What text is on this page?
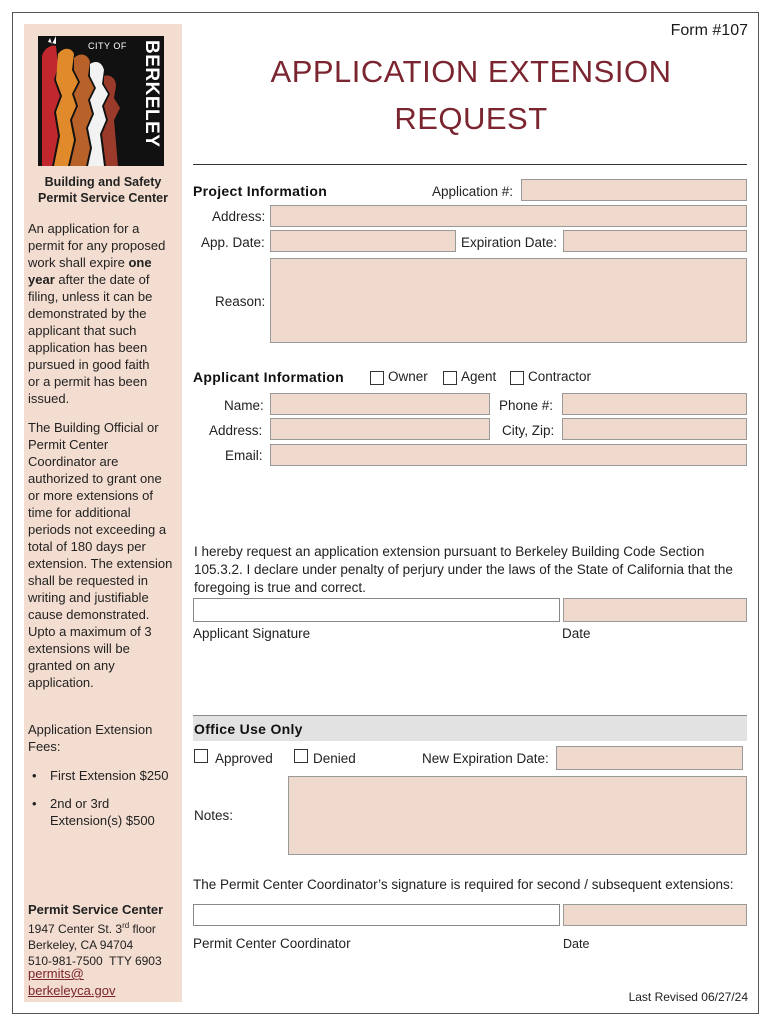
CITY OF BERKELEY
Building and Safety
Permit Service Center
An application for a
permit for any proposed
work shall expire one
year after the date of
filing, unless it can be
demonstrated by the
applicant that such
application has been
pursued in good faith
or a permit has been
issued.
The Building Official or Permit Center Coordinator are authorized to grant one or more extensions of time for additional periods not exceeding a total of 180 days per extension. The extension shall be requested in writing and justifiable cause demonstrated. Upto a maximum of 3 extensions will be granted on any application.
Application Extension Fees:
• First Extension $250
• 2nd or 3rd Extension(s) $500
Permit Service Center
1947 Center St. 3rd floor
Berkeley, CA 94704
510-981-7500  TTY 6903
permits@
berkeleyca.gov
Form #107
APPLICATION EXTENSION
REQUEST
Project Information	Application #:
Address:
App. Date:	Expiration Date:
Reason:
Applicant Information	Owner Agent Contractor
Name:	Phone #:
Address:	City, Zip:
Email:
I hereby request an application extension pursuant to Berkeley Building Code Section
105.3.2. I declare under penalty of perjury under the laws of the State of California that the
foregoing is true and correct.
Applicant Signature	Date
Office Use Only
Approved	Denied	New Expiration Date:
Notes:
The Permit Center Coordinator’s signature is required for second / subsequent extensions:
Permit Center Coordinator	Date
Last Revised 06/27/24
